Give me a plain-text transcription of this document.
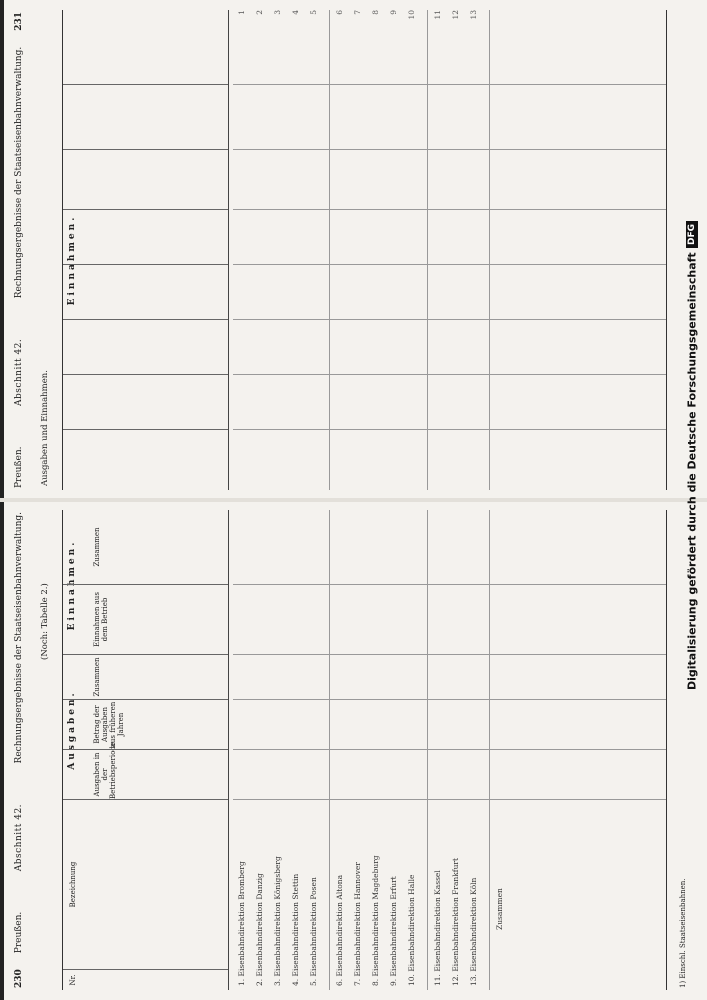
230
Preußen.
Abschnitt 42.
Rechnungsergebnisse der Staatseisenbahnverwaltung. (Noch: Tabelle 2.)
Ausgaben.
Einnahmen.
Nr.
Bezeichnung
Ausgaben in der Betriebsperiode
Betrag der Ausgaben aus früheren Jahren
Zusammen
Einnahmen aus dem Betrieb
Zusammen
1. Eisenbahndirektion Bromberg
2. Eisenbahndirektion Danzig
3. Eisenbahndirektion Königsberg
4. Eisenbahndirektion Stettin
5. Eisenbahndirektion Posen
6. Eisenbahndirektion Altona
7. Eisenbahndirektion Hannover
8. Eisenbahndirektion Magdeburg
9. Eisenbahndirektion Erfurt
10. Eisenbahndirektion Halle
11. Eisenbahndirektion Kassel
12. Eisenbahndirektion Frankfurt
13. Eisenbahndirektion Köln Zusammen	1) Einschl. Staatseisenbahnen.
Preußen.
Abschnitt 42.
Rechnungsergebnisse der Staatseisenbahnverwaltung.
231
Ausgaben und Einnahmen.
Einnahmen.
1 2 3 4 5 6 7 8 9 10 11 12 13
Digitalisierung gefördert durch die Deutsche Forschungsgemeinschaft
DFG
